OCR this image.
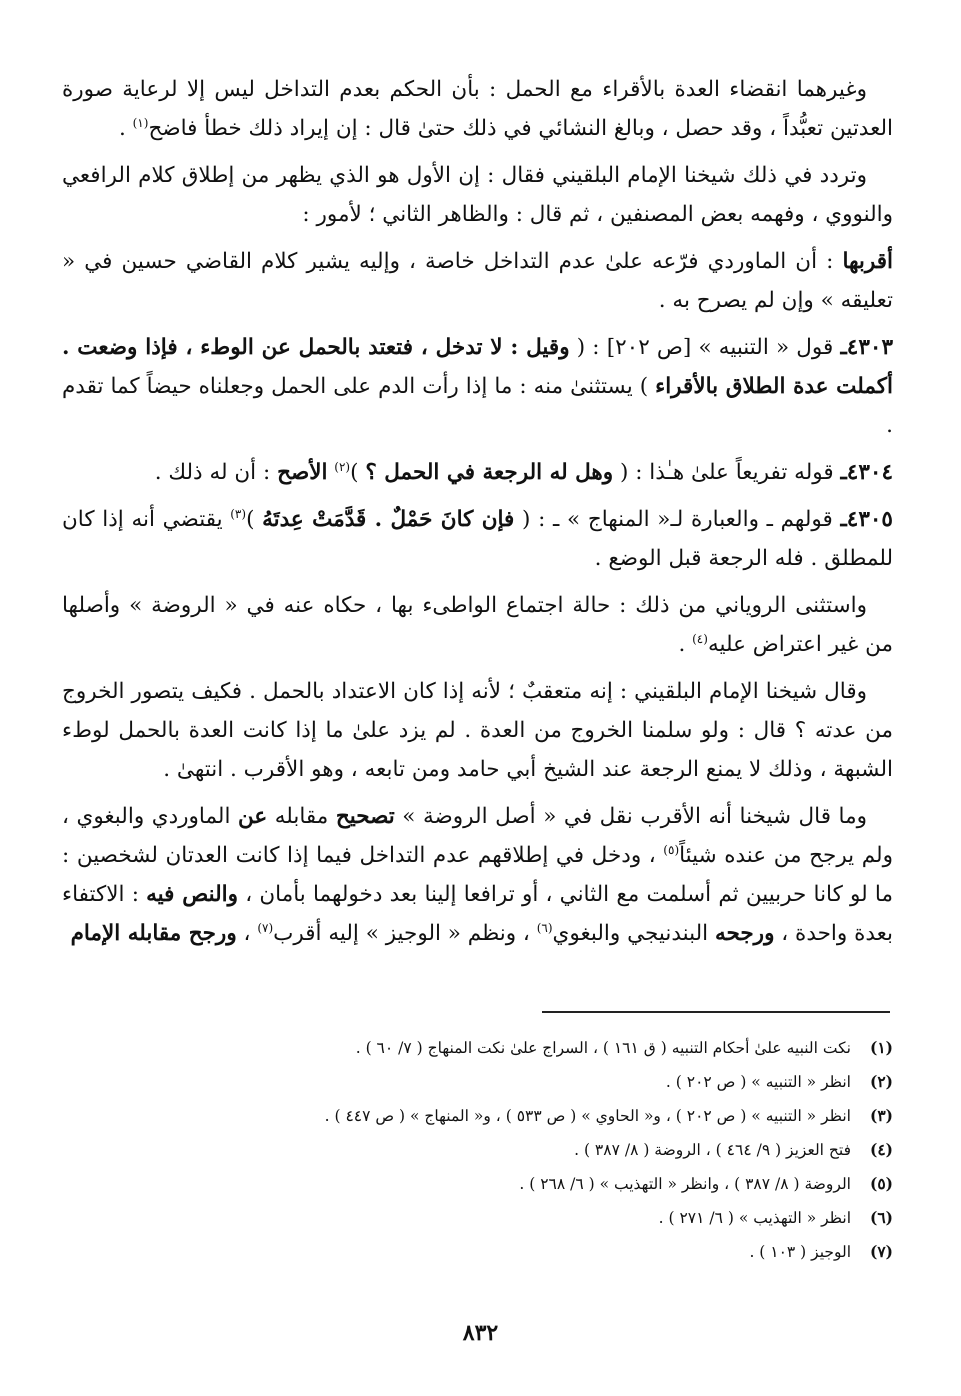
وغيرهما انقضاء العدة بالأقراء مع الحمل : بأن الحكم بعدم التداخل ليس إلا لرعاية صورة العدتين تعبُّداً ، وقد حصل ، وبالغ النشائي في ذلك حتىٰ قال : إن إيراد ذلك خطأ فاضح$^{(١)}$ .

وتردد في ذلك شيخنا الإمام البلقيني فقال : إن الأول هو الذي يظهر من إطلاق كلام الرافعي والنووي ، وفهمه بعض المصنفين ، ثم قال : والظاهر الثاني ؛ لأمور :

أقربها : أن الماوردي فرّعه علىٰ عدم التداخل خاصة ، وإليه يشير كلام القاضي حسين في « تعليقه » وإن لم يصرح به .

٤٣٠٣ـ قول « التنبيه » [ص ٢٠٢] : ( وقيل : لا تدخل ، فتعتد بالحمل عن الوطء ، فإذا وضعت . أكملت عدة الطلاق بالأقراء ) يستثنىٰ منه : ما إذا رأت الدم على الحمل وجعلناه حيضاً كما تقدم .

٤٣٠٤ـ قوله تفريعاً علىٰ هـٰذا : ( وهل له الرجعة في الحمل ؟ )$^{(٢)}$ الأصح : أن له ذلك .

٤٣٠٥ـ قولهم ـ والعبارة لـ« المنهاج » ـ : ( فإن كانَ حَمْلٌ . قَدَّمَتْ عِدتَهُ )$^{(٣)}$ يقتضي أنه إذا كان للمطلق . فله الرجعة قبل الوضع .

واستثنى الروياني من ذلك : حالة اجتماع الواطىء بها ، حكاه عنه في « الروضة » وأصلها من غير اعتراض عليه$^{(٤)}$ .

وقال شيخنا الإمام البلقيني : إنه متعقبٌ ؛ لأنه إذا كان الاعتداد بالحمل . فكيف يتصور الخروج من عدته ؟ قال : ولو سلمنا الخروج من العدة . لم يزد علىٰ ما إذا كانت العدة بالحمل لوطء الشبهة ، وذلك لا يمنع الرجعة عند الشيخ أبي حامد ومن تابعه ، وهو الأقرب . انتهىٰ .

وما قال شيخنا أنه الأقرب نقل في « أصل الروضة » تصحيح مقابله عن الماوردي والبغوي ، ولم يرجح من عنده شيئاً$^{(٥)}$ ، ودخل في إطلاقهم عدم التداخل فيما إذا كانت العدتان لشخصين : ما لو كانا حربيين ثم أسلمت مع الثاني ، أو ترافعا إلينا بعد دخولهما بأمان ، والنص فيه : الاكتفاء بعدة واحدة ، ورجحه البندنيجي والبغوي$^{(٦)}$ ، ونظم « الوجيز » إليه أقرب$^{(٧)}$ ، ورجح مقابله الإمام

(١)
نكت النبيه علىٰ أحكام التنبيه ( ق ١٦١ ) ، السراج علىٰ نكت المنهاج ( ٧/ ٦٠ ) .
(٢)
انظر « التنبيه » ( ص ٢٠٢ ) .
(٣)
انظر « التنبيه » ( ص ٢٠٢ ) ، و« الحاوي » ( ص ٥٣٣ ) ، و« المنهاج » ( ص ٤٤٧ ) .
(٤)
فتح العزيز ( ٩/ ٤٦٤ ) ، الروضة ( ٨/ ٣٨٧ ) .
(٥)
الروضة ( ٨/ ٣٨٧ ) ، وانظر « التهذيب » ( ٦/ ٢٦٨ ) .
(٦)
انظر « التهذيب » ( ٦/ ٢٧١ ) .
(٧)
الوجيز ( ١٠٣ ) .
٨٣٢
